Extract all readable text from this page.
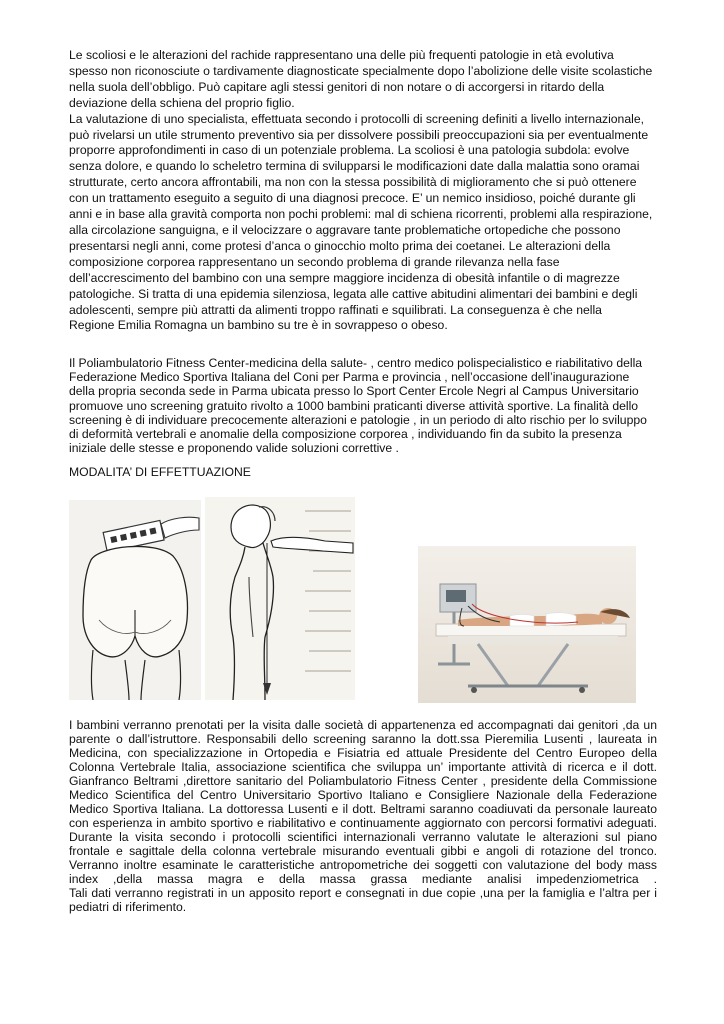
Le scoliosi e le alterazioni del rachide rappresentano una delle più frequenti patologie in età evolutiva
spesso non riconosciute o tardivamente diagnosticate specialmente dopo l’abolizione delle visite scolastiche
nella suola dell’obbligo. Può capitare agli stessi genitori di non notare o di accorgersi in ritardo della
deviazione della schiena del proprio figlio.
La valutazione di uno specialista, effettuata secondo i protocolli di screening definiti a livello internazionale,
può rivelarsi un utile strumento preventivo sia per dissolvere possibili preoccupazioni sia per eventualmente
proporre approfondimenti in caso di un potenziale problema. La scoliosi è una patologia subdola: evolve
senza dolore, e quando lo scheletro termina di svilupparsi le modificazioni date dalla malattia sono oramai
strutturate, certo ancora affrontabili, ma non con la stessa possibilità di miglioramento che si può ottenere
con un trattamento eseguito a seguito di una diagnosi precoce. E’ un nemico insidioso, poiché durante gli
anni e in base alla gravità comporta non pochi problemi: mal di schiena ricorrenti, problemi alla respirazione,
alla circolazione sanguigna, e il velocizzare o aggravare tante problematiche ortopediche che possono
presentarsi negli anni, come protesi d’anca o ginocchio molto prima dei coetanei. Le alterazioni della
composizione corporea rappresentano un secondo problema di grande rilevanza nella fase
dell’accrescimento del bambino con una sempre maggiore incidenza di obesità infantile o di magrezze
patologiche. Si tratta di una epidemia silenziosa, legata alle cattive abitudini alimentari dei bambini e degli
adolescenti, sempre più attratti da alimenti troppo raffinati e squilibrati. La conseguenza è che nella
Regione Emilia Romagna un bambino su tre è in sovrappeso o obeso.
Il Poliambulatorio Fitness Center-medicina della salute- , centro medico polispecialistico e riabilitativo della
Federazione Medico Sportiva Italiana del Coni per Parma e provincia , nell’occasione dell’inaugurazione
della propria seconda sede in Parma ubicata presso lo Sport Center Ercole Negri al Campus Universitario
promuove uno screening gratuito rivolto a 1000 bambini praticanti diverse attività sportive. La finalità dello
screening è di individuare precocemente alterazioni e patologie , in un periodo di alto rischio per lo sviluppo
di deformità vertebrali e anomalie della composizione corporea , individuando fin da subito la presenza
iniziale delle stesse e proponendo valide soluzioni correttive .
MODALITA’ DI EFFETTUAZIONE
I bambini verranno prenotati per la visita dalle società di appartenenza ed accompagnati dai genitori ,da un
parente o dall’istruttore. Responsabili dello screening saranno la dott.ssa Pieremilia Lusenti , laureata in
Medicina, con specializzazione in Ortopedia e Fisiatria ed attuale Presidente del Centro Europeo della
Colonna Vertebrale Italia, associazione scientifica che sviluppa un’ importante attività di ricerca e il dott.
Gianfranco Beltrami ,direttore sanitario del Poliambulatorio Fitness Center , presidente della Commissione
Medico Scientifica del Centro Universitario Sportivo Italiano e Consigliere Nazionale della Federazione
Medico Sportiva Italiana. La dottoressa Lusenti e il dott. Beltrami saranno coadiuvati da personale laureato
con esperienza in ambito sportivo e riabilitativo e continuamente aggiornato con percorsi formativi adeguati.
Durante la visita secondo i protocolli scientifici internazionali verranno valutate le alterazioni sul piano
frontale e sagittale della colonna vertebrale misurando eventuali gibbi e angoli di rotazione del tronco.
Verranno inoltre esaminate le caratteristiche antropometriche dei soggetti con valutazione del body mass
index ,della massa magra e della massa grassa mediante analisi impedenziometrica .
Tali dati verranno registrati in un apposito report e consegnati in due copie ,una per la famiglia e l’altra per i
pediatri di riferimento.
